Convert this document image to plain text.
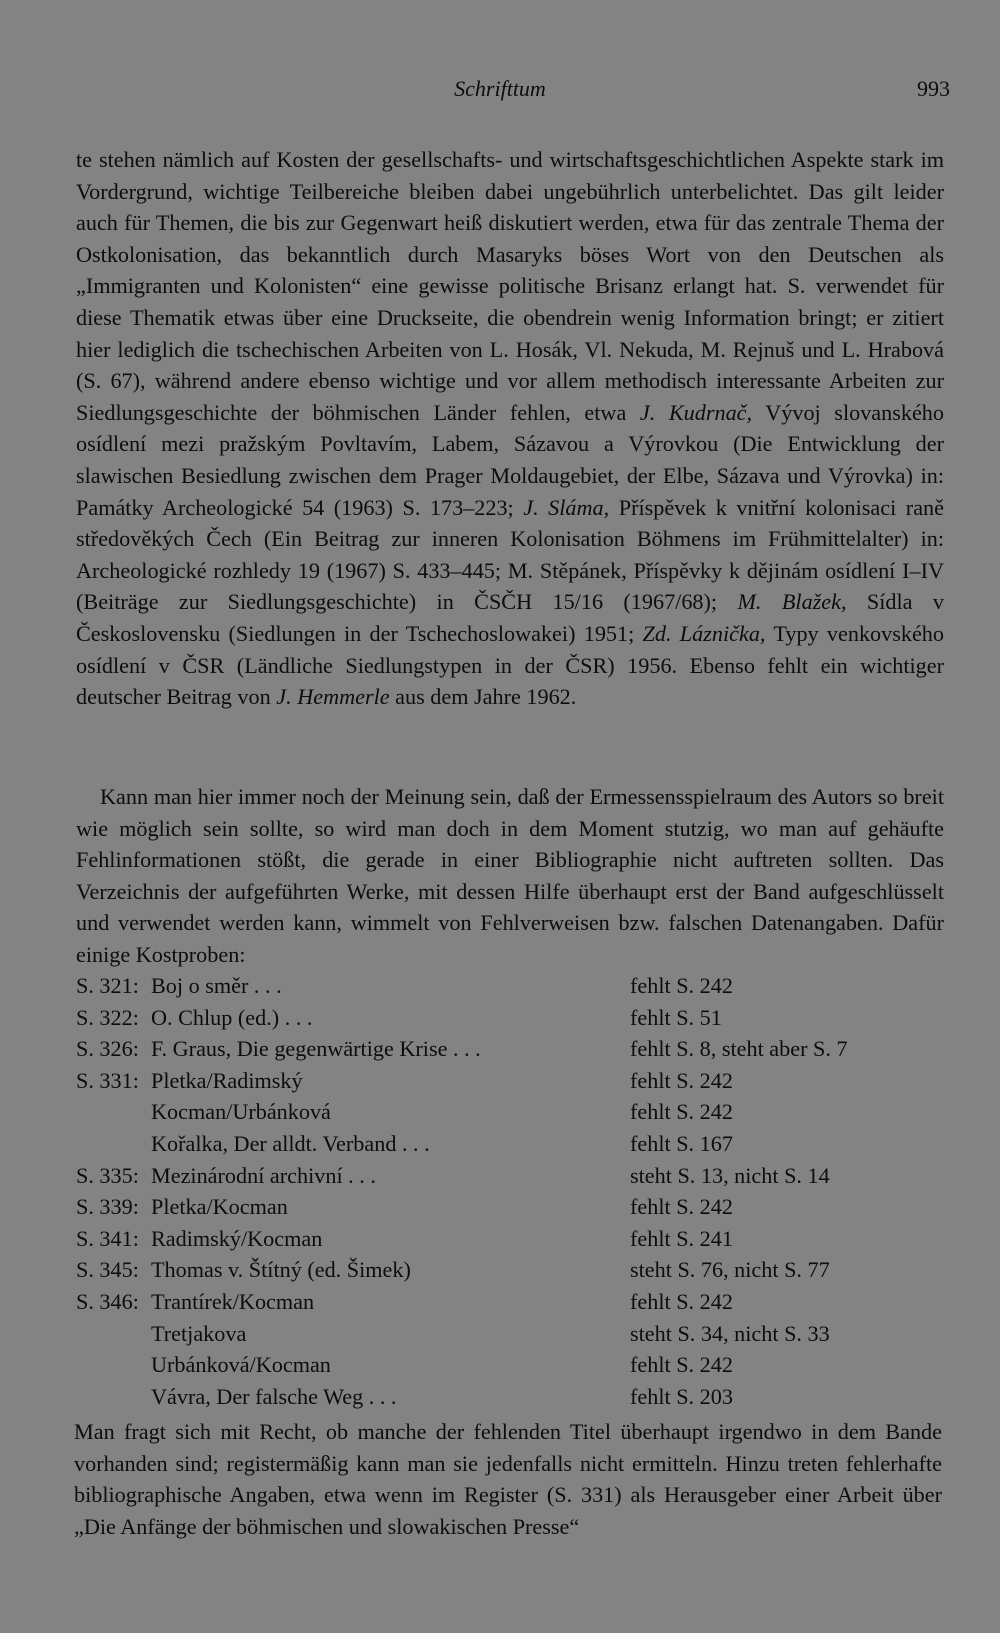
Schrifttum	993

te stehen nämlich auf Kosten der gesellschafts- und wirtschaftsgeschichtlichen Aspekte stark im Vordergrund, wichtige Teilbereiche bleiben dabei ungebührlich unterbelichtet. Das gilt leider auch für Themen, die bis zur Gegenwart heiß diskutiert werden, etwa für das zentrale Thema der Ostkolonisation, das bekanntlich durch Masaryks böses Wort von den Deutschen als „Immigranten und Kolonisten“ eine gewisse politische Brisanz erlangt hat. S. verwendet für diese Thematik etwas über eine Druckseite, die obendrein wenig Information bringt; er zitiert hier lediglich die tschechischen Arbeiten von L. Hosák, Vl. Nekuda, M. Rejnuš und L. Hrabová (S. 67), während andere ebenso wichtige und vor allem methodisch interessante Arbeiten zur Siedlungsgeschichte der böhmischen Länder fehlen, etwa J. Kudrnač, Vývoj slovanského osídlení mezi pražským Povltavím, Labem, Sázavou a Výrovkou (Die Entwicklung der slawischen Besiedlung zwischen dem Prager Moldaugebiet, der Elbe, Sázava und Výrovka) in: Památky Archeologické 54 (1963) S. 173–223; J. Sláma, Příspěvek k vnitřní kolonisaci raně středověkých Čech (Ein Beitrag zur inneren Kolonisation Böhmens im Frühmittelalter) in: Archeologické rozhledy 19 (1967) S. 433–445; M. Stěpánek, Příspěvky k dějinám osídlení I–IV (Beiträge zur Siedlungsgeschichte) in ČSČH 15/16 (1967/68); M. Blažek, Sídla v Československu (Siedlungen in der Tschechoslowakei) 1951; Zd. Láznička, Typy venkovského osídlení v ČSR (Ländliche Siedlungstypen in der ČSR) 1956. Ebenso fehlt ein wichtiger deutscher Beitrag von J. Hemmerle aus dem Jahre 1962.

Kann man hier immer noch der Meinung sein, daß der Ermessensspielraum des Autors so breit wie möglich sein sollte, so wird man doch in dem Moment stutzig, wo man auf gehäufte Fehlinformationen stößt, die gerade in einer Bibliographie nicht auftreten sollten. Das Verzeichnis der aufgeführten Werke, mit dessen Hilfe überhaupt erst der Band aufgeschlüsselt und verwendet werden kann, wimmelt von Fehlverweisen bzw. falschen Datenangaben. Dafür einige Kostproben:

S. 321: Boj o směr . . .	fehlt S. 242
S. 322: O. Chlup (ed.) . . .	fehlt S. 51
S. 326: F. Graus, Die gegenwärtige Krise . . .	fehlt S. 8, steht aber S. 7
S. 331: Pletka/Radimský	fehlt S. 242
Kocman/Urbánková	fehlt S. 242
Kořalka, Der alldt. Verband . . .	fehlt S. 167
S. 335: Mezinárodní archivní . . .	steht S. 13, nicht S. 14
S. 339: Pletka/Kocman	fehlt S. 242
S. 341: Radimský/Kocman	fehlt S. 241
S. 345: Thomas v. Štítný (ed. Šimek)	steht S. 76, nicht S. 77
S. 346: Trantírek/Kocman	fehlt S. 242
Tretjakova	steht S. 34, nicht S. 33
Urbánková/Kocman	fehlt S. 242
Vávra, Der falsche Weg . . .	fehlt S. 203

Man fragt sich mit Recht, ob manche der fehlenden Titel überhaupt irgendwo in dem Bande vorhanden sind; registermäßig kann man sie jedenfalls nicht ermitteln. Hinzu treten fehlerhafte bibliographische Angaben, etwa wenn im Register (S. 331) als Herausgeber einer Arbeit über „Die Anfänge der böhmischen und slowakischen Presse“
